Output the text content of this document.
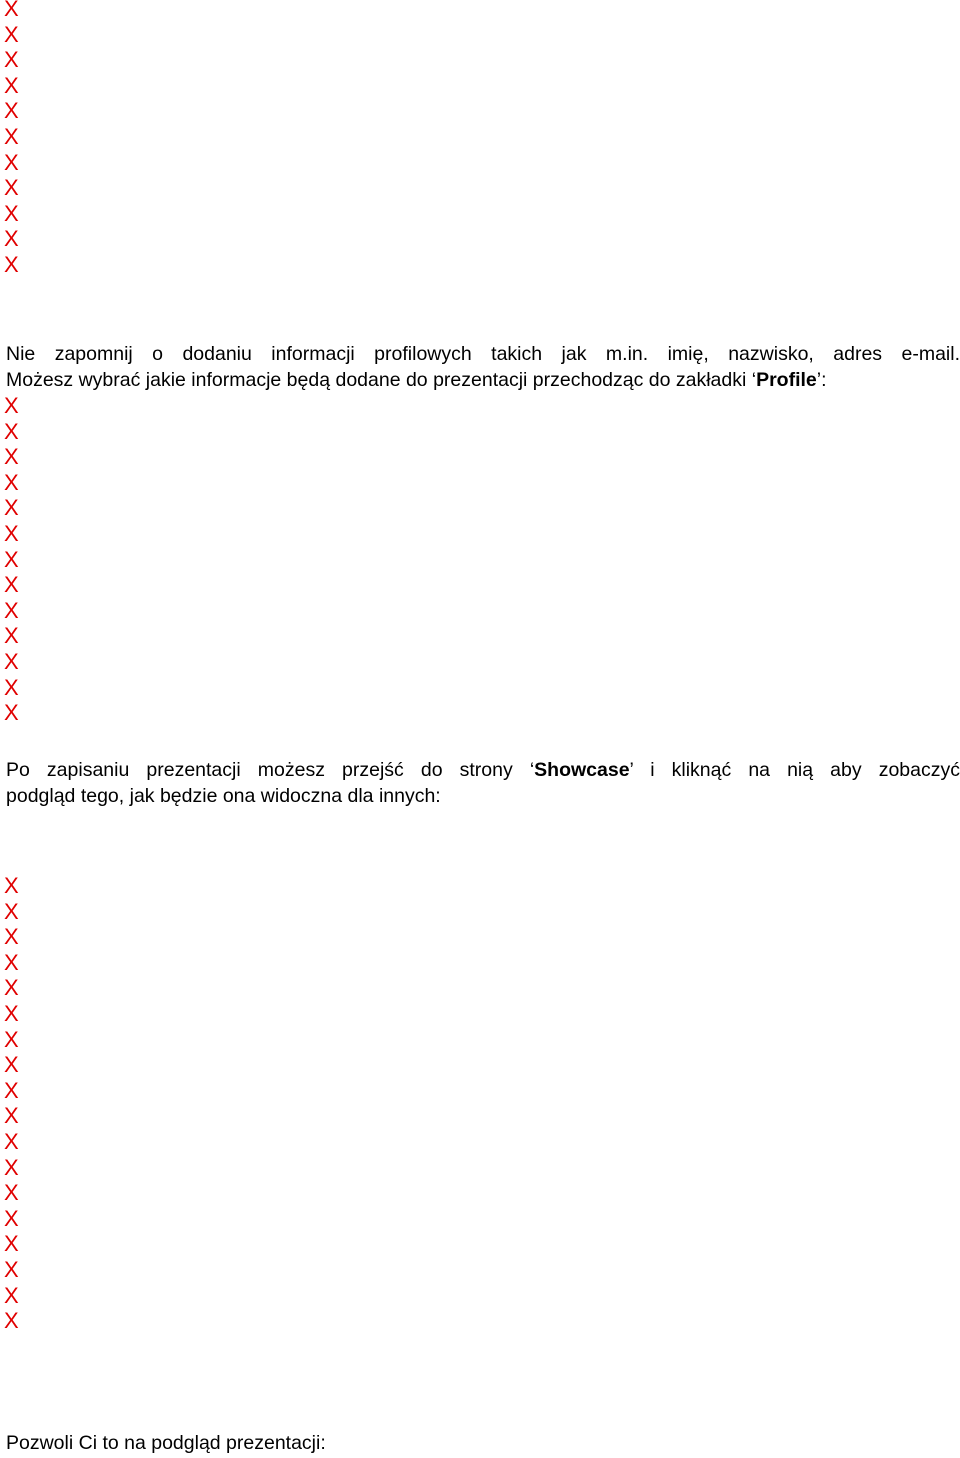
X
X
X
X
X
X
X
X
X
X
X
Nie zapomnij o dodaniu informacji profilowych takich jak m.in. imię, nazwisko, adres e-mail.
Możesz wybrać jakie informacje będą dodane do prezentacji przechodząc do zakładki ‘Profile’:
X
X
X
X
X
X
X
X
X
X
X
X
X
Po zapisaniu prezentacji możesz przejść do strony ‘Showcase’ i kliknąć na nią aby zobaczyć
podgląd tego, jak będzie ona widoczna dla innych:
X
X
X
X
X
X
X
X
X
X
X
X
X
X
X
X
X
X
Pozwoli Ci to na podgląd prezentacji:
